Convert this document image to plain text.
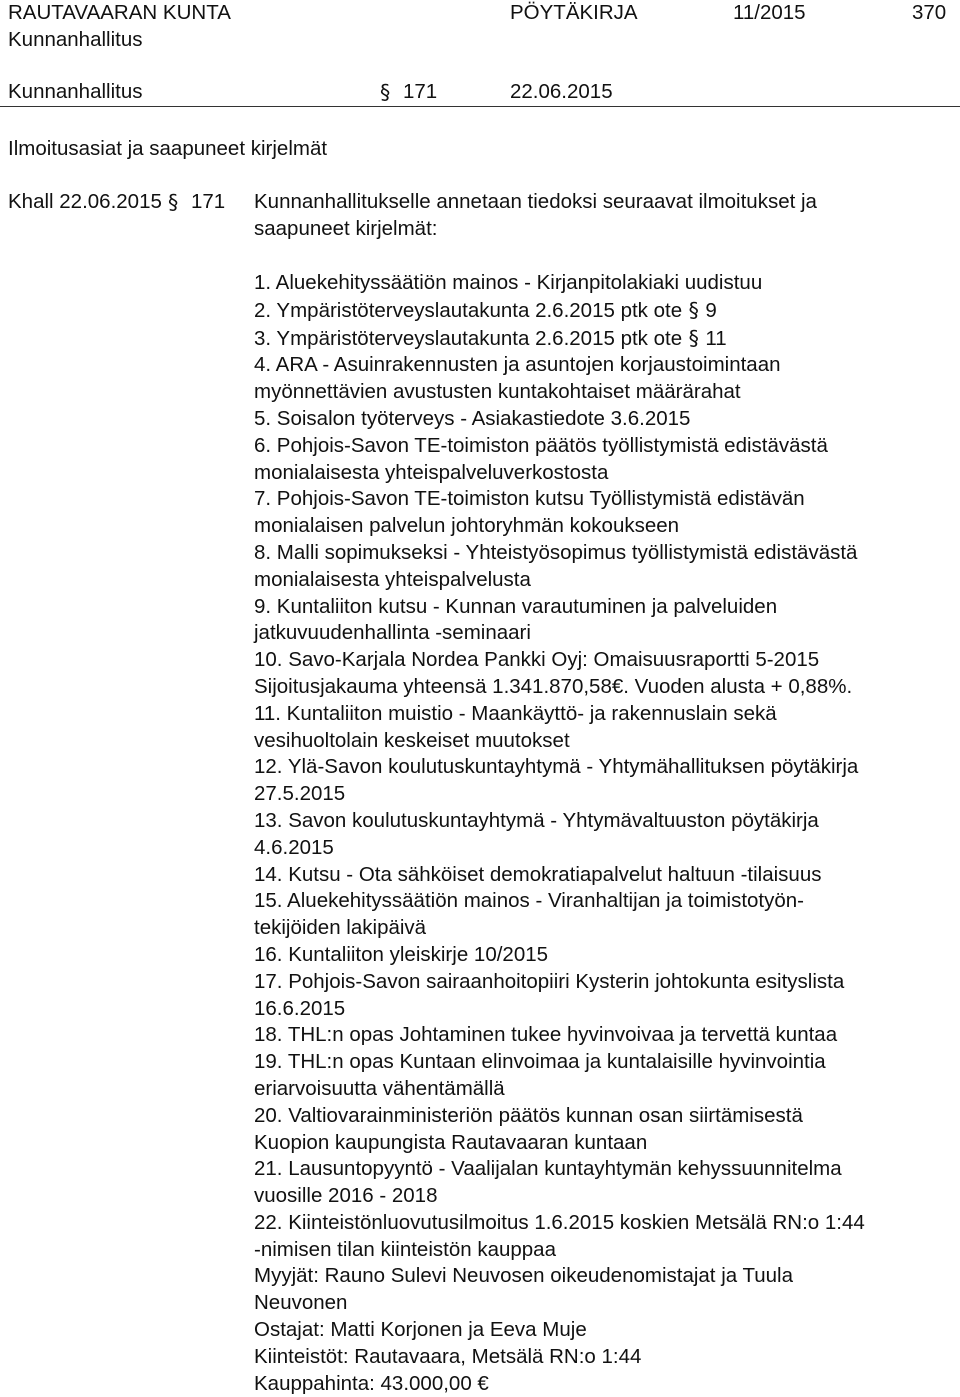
RAUTAVAARAN KUNTA	PÖYTÄKIRJA	11/2015	370
Kunnanhallitus
Kunnanhallitus	§ 171	22.06.2015
Ilmoitusasiat ja saapuneet kirjelmät
Khall 22.06.2015 § 171 Kunnanhallitukselle annetaan tiedoksi seuraavat ilmoitukset ja
saapuneet kirjelmät:
1. Aluekehityssäätiön mainos - Kirjanpitolakiaki uudistuu
2. Ympäristöterveyslautakunta 2.6.2015 ptk ote § 9
3. Ympäristöterveyslautakunta 2.6.2015 ptk ote § 11
4. ARA - Asuinrakennusten ja asuntojen korjaustoimintaan
myönnettävien avustusten kuntakohtaiset määrärahat
5. Soisalon työterveys - Asiakastiedote 3.6.2015
6. Pohjois-Savon TE-toimiston päätös työllistymistä edistävästä
monialaisesta yhteispalveluverkostosta
7. Pohjois-Savon TE-toimiston kutsu Työllistymistä edistävän
monialaisen palvelun johtoryhmän kokoukseen
8. Malli sopimukseksi - Yhteistyösopimus työllistymistä edistävästä
monialaisesta yhteispalvelusta
9. Kuntaliiton kutsu - Kunnan varautuminen ja palveluiden
jatkuvuudenhallinta -seminaari
10. Savo-Karjala Nordea Pankki Oyj: Omaisuusraportti 5-2015
Sijoitusjakauma yhteensä 1.341.870,58€. Vuoden alusta + 0,88%.
11. Kuntaliiton muistio - Maankäyttö- ja rakennuslain sekä
vesihuoltolain keskeiset muutokset
12. Ylä-Savon koulutuskuntayhtymä - Yhtymähallituksen pöytäkirja
27.5.2015
13. Savon koulutuskuntayhtymä - Yhtymävaltuuston pöytäkirja
4.6.2015
14. Kutsu - Ota sähköiset demokratiapalvelut haltuun -tilaisuus
15. Aluekehityssäätiön mainos - Viranhaltijan ja toimistotyön-
tekijöiden lakipäivä
16. Kuntaliiton yleiskirje 10/2015
17. Pohjois-Savon sairaanhoitopiiri Kysterin johtokunta esityslista
16.6.2015
18. THL:n opas Johtaminen tukee hyvinvoivaa ja tervettä kuntaa
19. THL:n opas Kuntaan elinvoimaa ja kuntalaisille hyvinvointia
eriarvoisuutta vähentämällä
20. Valtiovarainministeriön päätös kunnan osan siirtämisestä
Kuopion kaupungista Rautavaaran kuntaan
21. Lausuntopyyntö - Vaalijalan kuntayhtymän kehyssuunnitelma
vuosille 2016 - 2018
22. Kiinteistönluovutusilmoitus 1.6.2015 koskien Metsälä RN:o 1:44
-nimisen tilan kiinteistön kauppaa
Myyjät: Rauno Sulevi Neuvosen oikeudenomistajat ja Tuula
Neuvonen
Ostajat: Matti Korjonen ja Eeva Muje
Kiinteistöt: Rautavaara, Metsälä RN:o 1:44
Kauppahinta: 43.000,00 €
